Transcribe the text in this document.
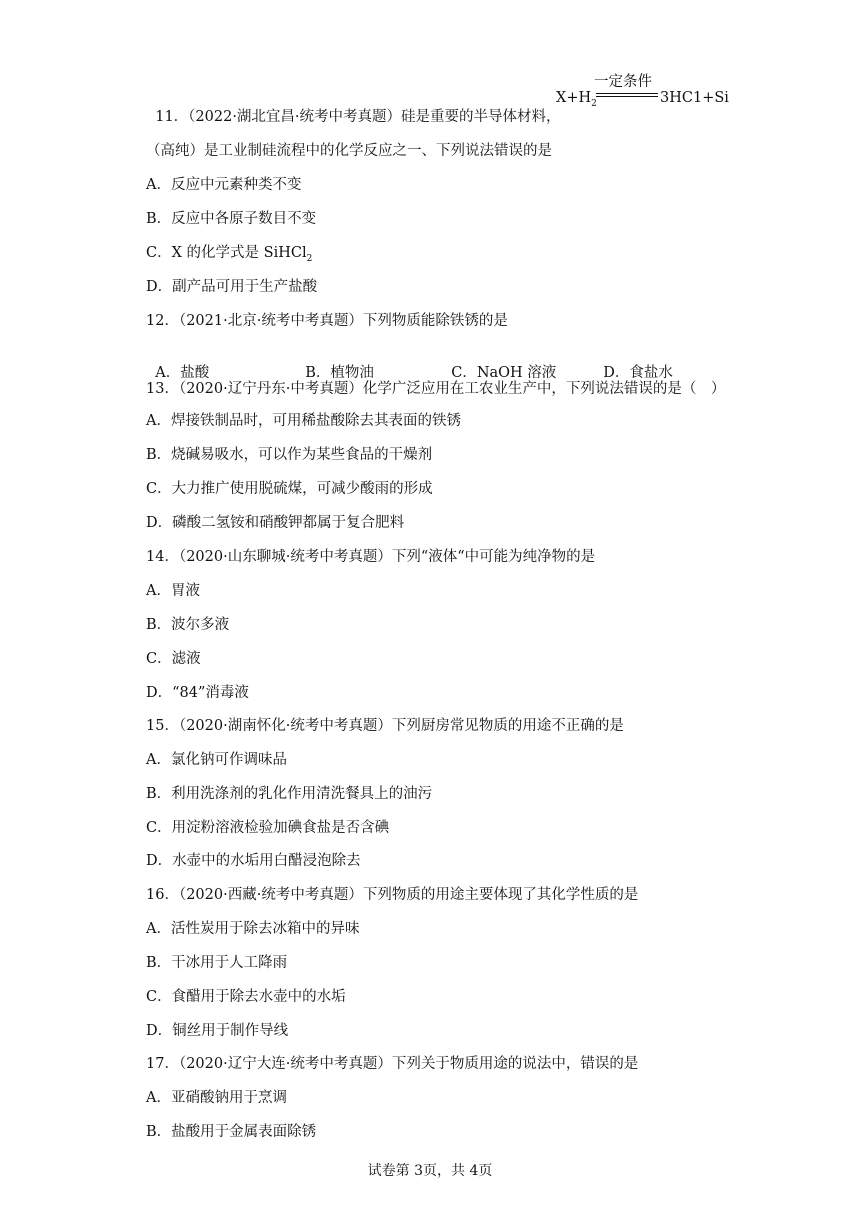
11．（2022·湖北宜昌·统考中考真题）硅是重要的半导体材料，

$X+H_2$
一定条件
3HC1+Si
（高纯）是工业制硅流程中的化学反应之一、下列说法错误的是
A．反应中元素种类不变
B．反应中各原子数目不变
C．X 的化学式是 SiHCl$_2$
D．副产品可用于生产盐酸
12．（2021·北京·统考中考真题）下列物质能除铁锈的是

A．盐酸	B．植物油	C．NaOH 溶液	D．食盐水

13．（2020·辽宁丹东·中考真题）化学广泛应用在工农业生产中，下列说法错误的是（　）
A．焊接铁制品时，可用稀盐酸除去其表面的铁锈
B．烧碱易吸水，可以作为某些食品的干燥剂
C．大力推广使用脱硫煤，可减少酸雨的形成
D．磷酸二氢铵和硝酸钾都属于复合肥料
14．（2020·山东聊城·统考中考真题）下列“液体“中可能为纯净物的是
A．胃液
B．波尔多液
C．滤液
D．“84”消毒液
15．（2020·湖南怀化·统考中考真题）下列厨房常见物质的用途不正确的是
A．氯化钠可作调味品
B．利用洗涤剂的乳化作用清洗餐具上的油污
C．用淀粉溶液检验加碘食盐是否含碘
D．水壶中的水垢用白醋浸泡除去
16．（2020·西藏·统考中考真题）下列物质的用途主要体现了其化学性质的是
A．活性炭用于除去冰箱中的异味
B．干冰用于人工降雨
C．食醋用于除去水壶中的水垢
D．铜丝用于制作导线
17．（2020·辽宁大连·统考中考真题）下列关于物质用途的说法中，错误的是
A．亚硝酸钠用于烹调
B．盐酸用于金属表面除锈
试卷第 3页，共 4页
